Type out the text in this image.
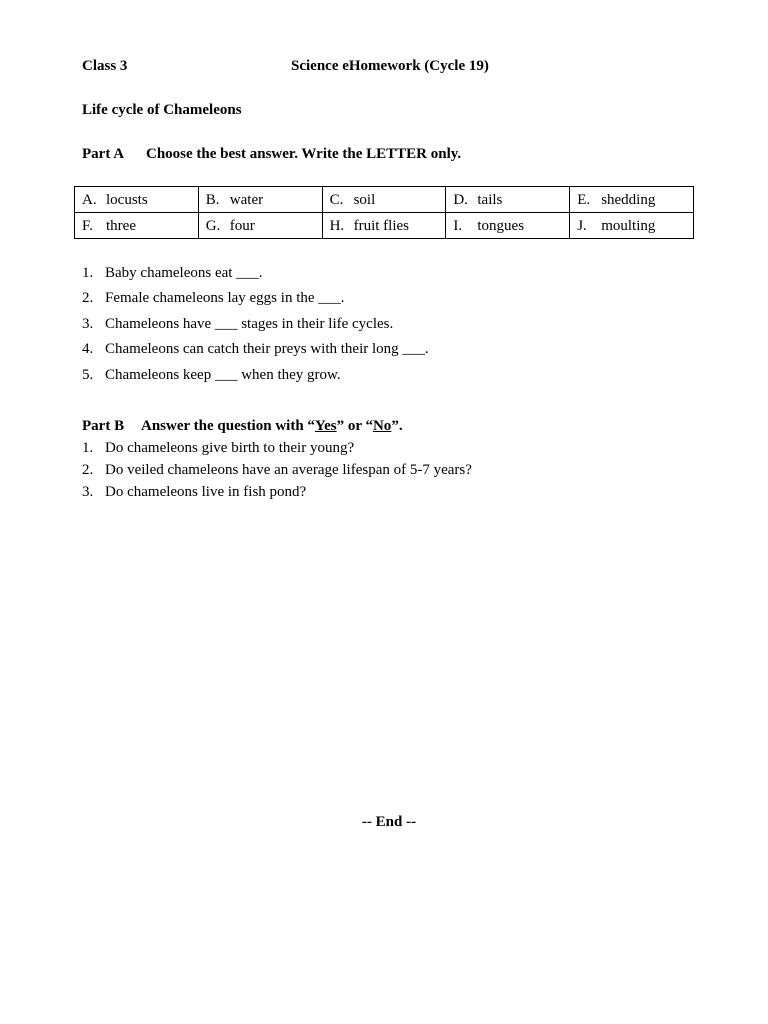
Class 3	Science eHomework (Cycle 19)
Life cycle of Chameleons
Part A Choose the best answer. Write the LETTER only.
A. locusts	B. water	C. soil	D. tails	E. shedding
F. three	G. four	H. fruit flies	I. tongues	J. moulting
1. Baby chameleons eat ___.
2. Female chameleons lay eggs in the ___.
3. Chameleons have ___ stages in their life cycles.
4. Chameleons can catch their preys with their long ___.
5. Chameleons keep ___ when they grow.
Part B Answer the question with “Yes” or “No”.
1. Do chameleons give birth to their young?
2. Do veiled chameleons have an average lifespan of 5-7 years?
3. Do chameleons live in fish pond?
-- End --
